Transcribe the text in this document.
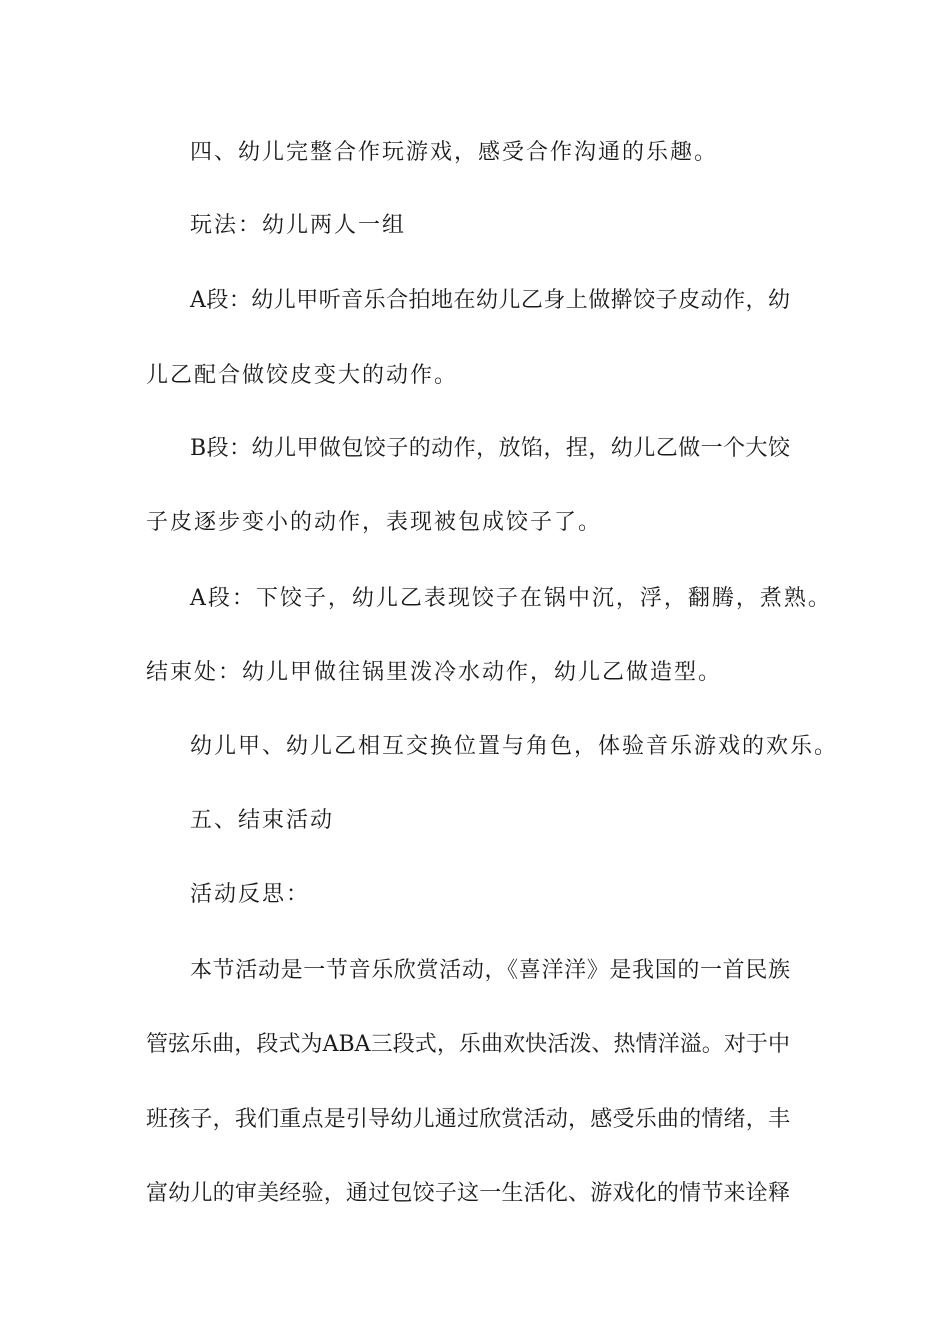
四、幼儿完整合作玩游戏，感受合作沟通的乐趣。
玩法：幼儿两人一组
A段：幼儿甲听音乐合拍地在幼儿乙身上做擀饺子皮动作，幼
儿乙配合做饺皮变大的动作。
B段：幼儿甲做包饺子的动作，放馅，捏，幼儿乙做一个大饺
子皮逐步变小的动作，表现被包成饺子了。
A段：下饺子，幼儿乙表现饺子在锅中沉，浮，翻腾，煮熟。
结束处：幼儿甲做往锅里泼冷水动作，幼儿乙做造型。
幼儿甲、幼儿乙相互交换位置与角色，体验音乐游戏的欢乐。
五、结束活动
活动反思：
本节活动是一节音乐欣赏活动，《喜洋洋》是我国的一首民族
管弦乐曲，段式为ABA三段式，乐曲欢快活泼、热情洋溢。对于中
班孩子，我们重点是引导幼儿通过欣赏活动，感受乐曲的情绪，丰
富幼儿的审美经验，通过包饺子这一生活化、游戏化的情节来诠释
